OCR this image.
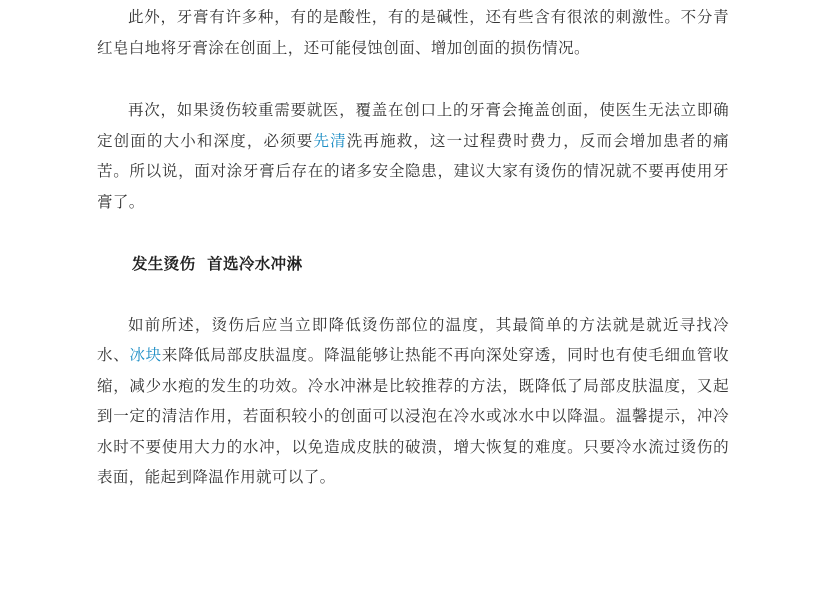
此外，牙膏有许多种，有的是酸性，有的是碱性，还有些含有很浓的刺激性。不分青红皂白地将牙膏涂在创面上，还可能侵蚀创面、增加创面的损伤情况。

再次，如果烫伤较重需要就医，覆盖在创口上的牙膏会掩盖创面，使医生无法立即确定创面的大小和深度，必须要先清洗再施救，这一过程费时费力，反而会增加患者的痛苦。所以说，面对涂牙膏后存在的诸多安全隐患，建议大家有烫伤的情况就不要再使用牙膏了。

发生烫伤  首选冷水冲淋

如前所述，烫伤后应当立即降低烫伤部位的温度，其最简单的方法就是就近寻找冷水、冰块来降低局部皮肤温度。降温能够让热能不再向深处穿透，同时也有使毛细血管收缩，减少水疱的发生的功效。冷水冲淋是比较推荐的方法，既降低了局部皮肤温度，又起到一定的清洁作用，若面积较小的创面可以浸泡在冷水或冰水中以降温。温馨提示，冲冷水时不要使用大力的水冲，以免造成皮肤的破溃，增大恢复的难度。只要冷水流过烫伤的表面，能起到降温作用就可以了。
